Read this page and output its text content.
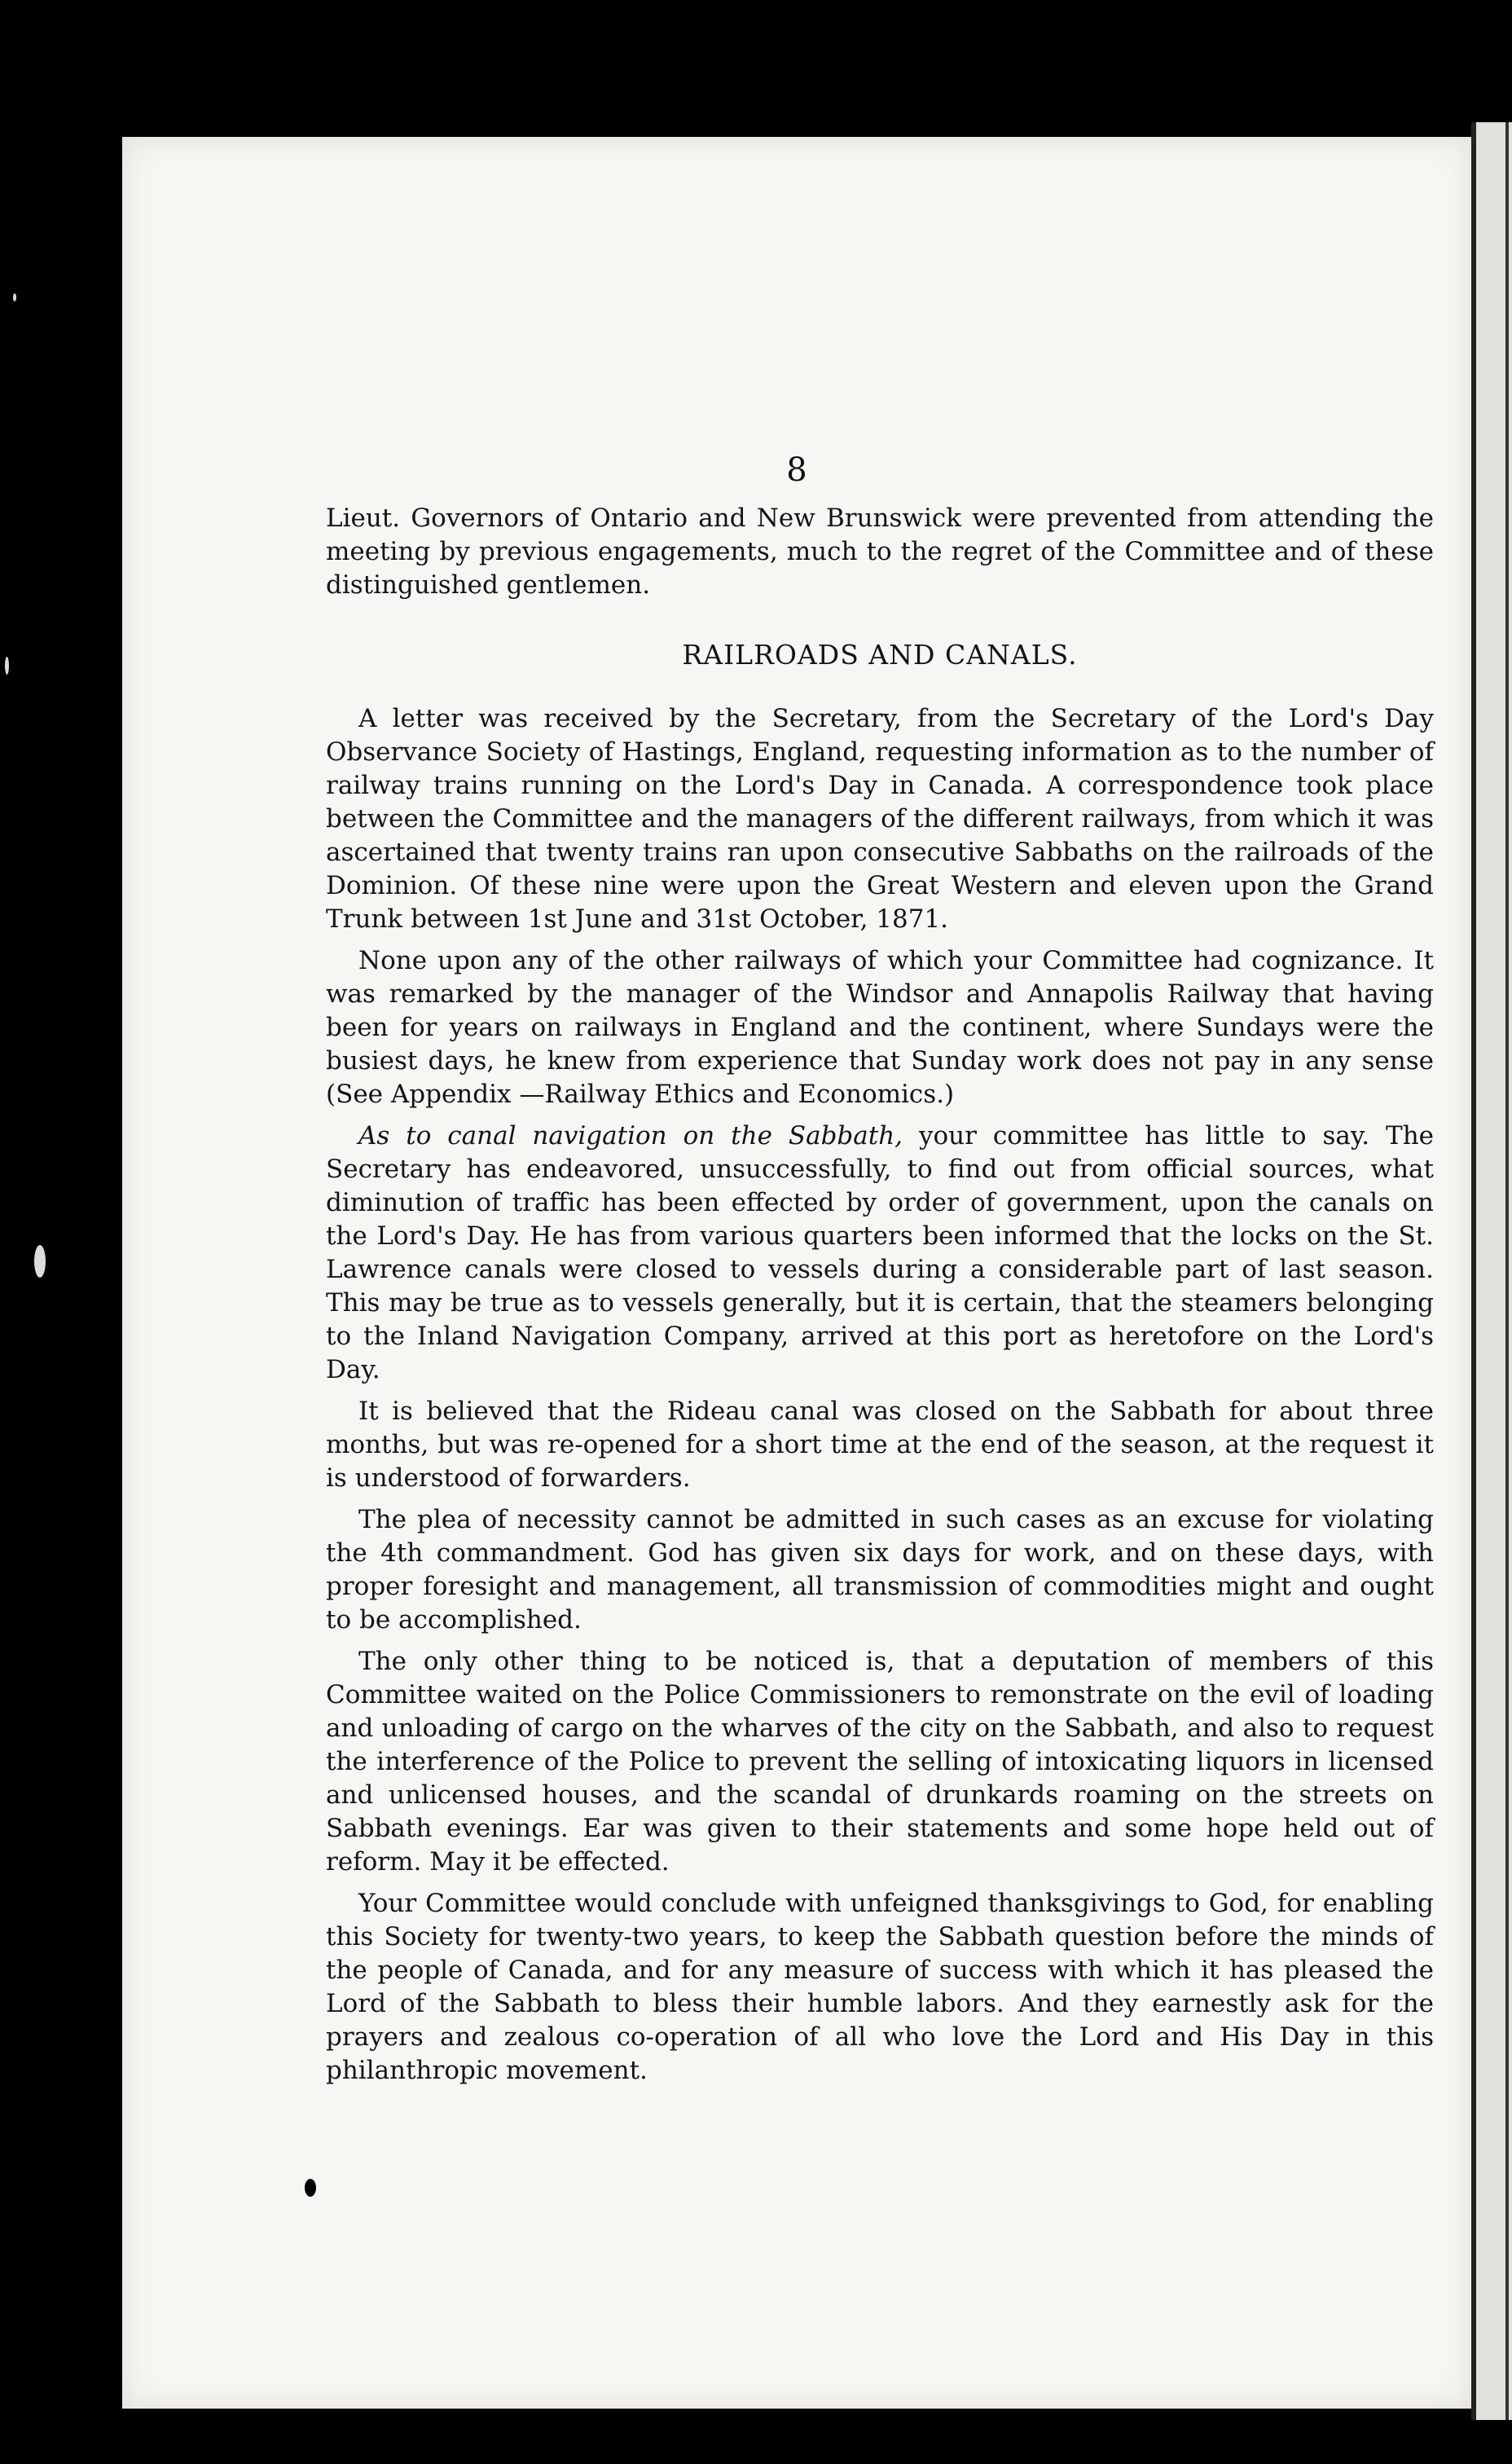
8

Lieut. Governors of Ontario and New Brunswick were prevented from attending the meeting by previous engagements, much to the regret of the Committee and of these distinguished gentlemen.

RAILROADS AND CANALS.

A letter was received by the Secretary, from the Secretary of the Lord's Day Observance Society of Hastings, England, requesting information as to the number of railway trains running on the Lord's Day in Canada. A correspondence took place between the Committee and the managers of the different railways, from which it was ascertained that twenty trains ran upon consecutive Sabbaths on the railroads of the Dominion. Of these nine were upon the Great Western and eleven upon the Grand Trunk between 1st June and 31st October, 1871.

None upon any of the other railways of which your Committee had cognizance. It was remarked by the manager of the Windsor and Annapolis Railway that having been for years on railways in England and the continent, where Sundays were the busiest days, he knew from experience that Sunday work does not pay in any sense (See Appendix —Railway Ethics and Economics.)

As to canal navigation on the Sabbath, your committee has little to say. The Secretary has endeavored, unsuccessfully, to find out from official sources, what diminution of traffic has been effected by order of government, upon the canals on the Lord's Day. He has from various quarters been informed that the locks on the St. Lawrence canals were closed to vessels during a considerable part of last season. This may be true as to vessels generally, but it is certain, that the steamers belonging to the Inland Navigation Company, arrived at this port as heretofore on the Lord's Day.

It is believed that the Rideau canal was closed on the Sabbath for about three months, but was re-opened for a short time at the end of the season, at the request it is understood of forwarders.

The plea of necessity cannot be admitted in such cases as an excuse for violating the 4th commandment. God has given six days for work, and on these days, with proper foresight and management, all transmission of commodities might and ought to be accomplished.

The only other thing to be noticed is, that a deputation of members of this Committee waited on the Police Commissioners to remonstrate on the evil of loading and unloading of cargo on the wharves of the city on the Sabbath, and also to request the interference of the Police to prevent the selling of intoxicating liquors in licensed and unlicensed houses, and the scandal of drunkards roaming on the streets on Sabbath evenings. Ear was given to their statements and some hope held out of reform. May it be effected.

Your Committee would conclude with unfeigned thanksgivings to God, for enabling this Society for twenty-two years, to keep the Sabbath question before the minds of the people of Canada, and for any measure of success with which it has pleased the Lord of the Sabbath to bless their humble labors. And they earnestly ask for the prayers and zealous co-operation of all who love the Lord and His Day in this philanthropic movement.
